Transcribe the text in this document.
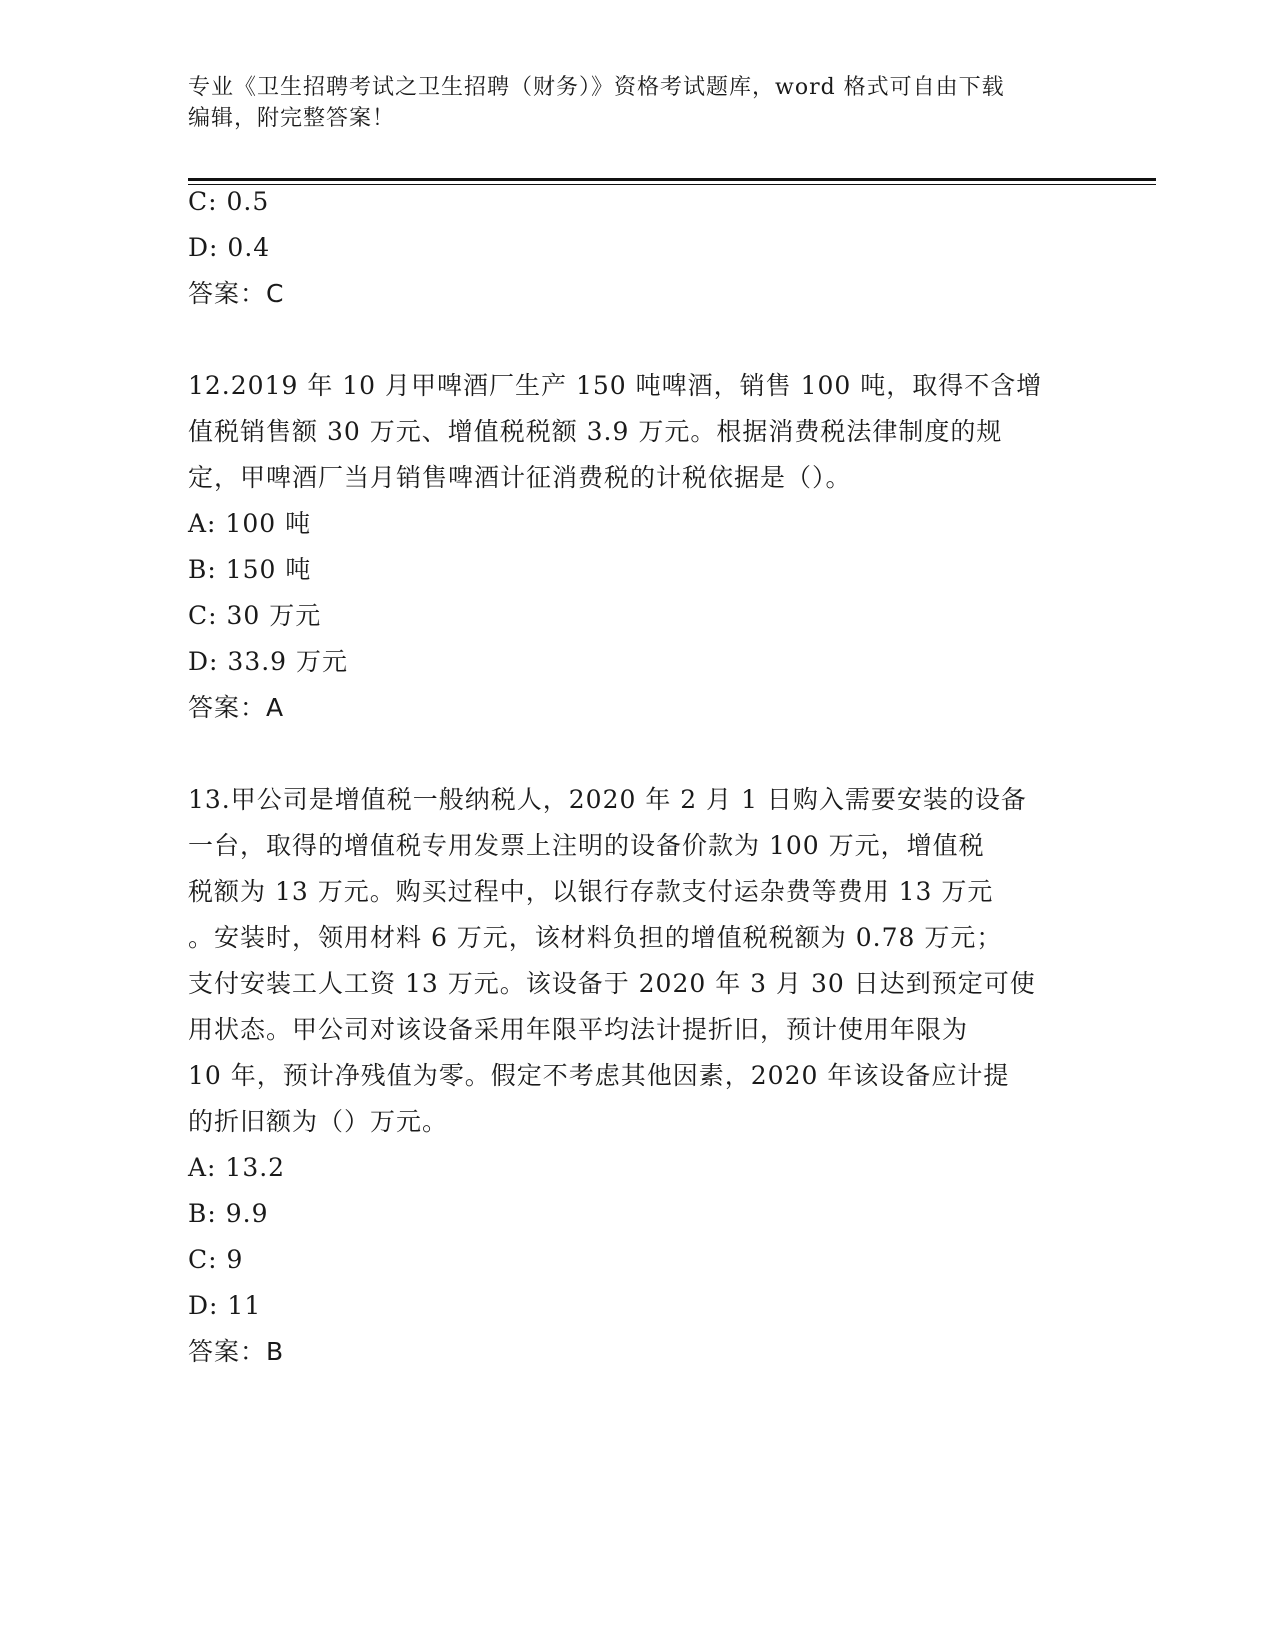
专业《卫生招聘考试之卫生招聘（财务）》资格考试题库，word 格式可自由下载
编辑，附完整答案！
C: 0.5
D: 0.4
答案：C
12.2019 年 10 月甲啤酒厂生产 150 吨啤酒，销售 100 吨，取得不含增
值税销售额 30 万元、增值税税额 3.9 万元。根据消费税法律制度的规
定，甲啤酒厂当月销售啤酒计征消费税的计税依据是（）。
A: 100 吨
B: 150 吨
C: 30 万元
D: 33.9 万元
答案：A
13.甲公司是增值税一般纳税人，2020 年 2 月 1 日购入需要安装的设备
一台，取得的增值税专用发票上注明的设备价款为 100 万元，增值税
税额为 13 万元。购买过程中，以银行存款支付运杂费等费用 13 万元
。安装时，领用材料 6 万元，该材料负担的增值税税额为 0.78 万元；
支付安装工人工资 13 万元。该设备于 2020 年 3 月 30 日达到预定可使
用状态。甲公司对该设备采用年限平均法计提折旧，预计使用年限为
10 年，预计净残值为零。假定不考虑其他因素，2020 年该设备应计提
的折旧额为（）万元。
A: 13.2
B: 9.9
C: 9
D: 11
答案：B
